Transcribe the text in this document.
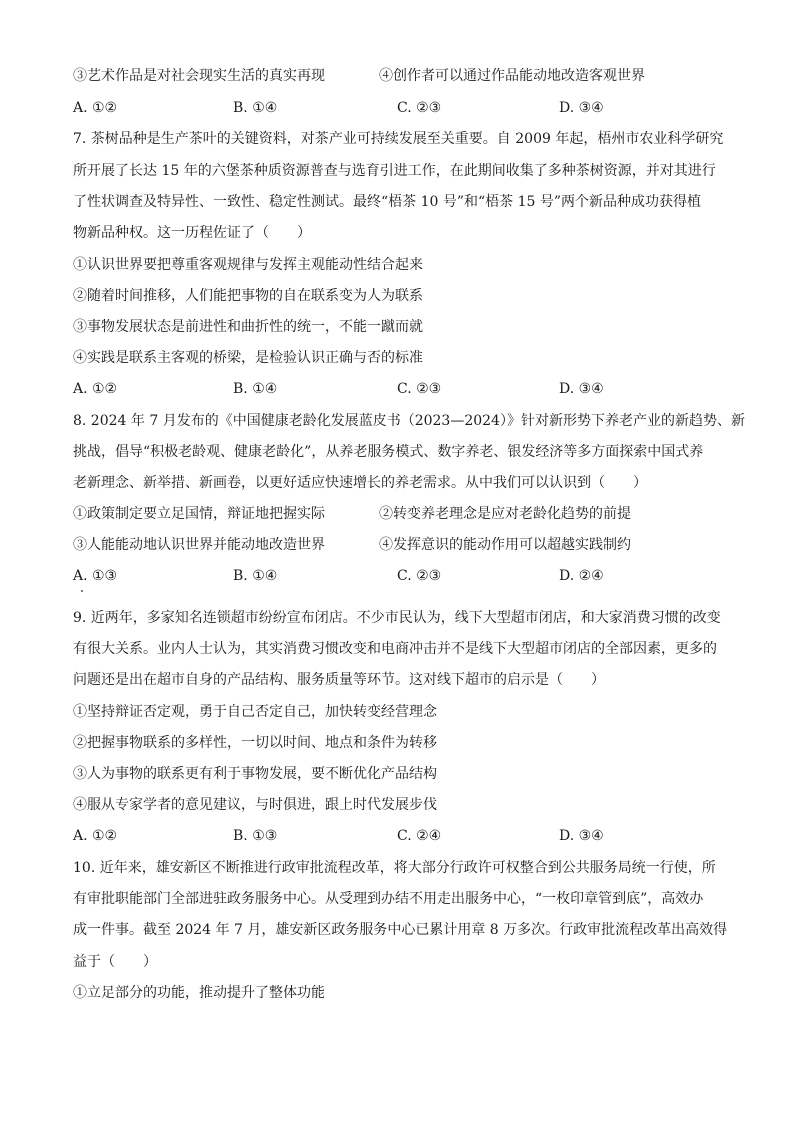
③艺术作品是对社会现实生活的真实再现	④创作者可以通过作品能动地改造客观世界
A. ①②	B. ①④	C. ②③	D. ③④
7. 茶树品种是生产茶叶的关键资料，对茶产业可持续发展至关重要。自 2009 年起，梧州市农业科学研究
所开展了长达 15 年的六堡茶种质资源普查与选育引进工作，在此期间收集了多种茶树资源，并对其进行
了性状调查及特异性、一致性、稳定性测试。最终“梧茶 10 号”和“梧茶 15 号”两个新品种成功获得植
物新品种权。这一历程佐证了（　　）
①认识世界要把尊重客观规律与发挥主观能动性结合起来
②随着时间推移，人们能把事物的自在联系变为人为联系
③事物发展状态是前进性和曲折性的统一，不能一蹴而就
④实践是联系主客观的桥梁，是检验认识正确与否的标准
A. ①②	B. ①④	C. ②③	D. ③④
8. 2024 年 7 月发布的《中国健康老龄化发展蓝皮书（2023—2024）》针对新形势下养老产业的新趋势、新
挑战，倡导“积极老龄观、健康老龄化”，从养老服务模式、数字养老、银发经济等多方面探索中国式养
老新理念、新举措、新画卷，以更好适应快速增长的养老需求。从中我们可以认识到（　　）
①政策制定要立足国情，辩证地把握实际	②转变养老理念是应对老龄化趋势的前提
③人能能动地认识世界并能动地改造世界	④发挥意识的能动作用可以超越实践制约
A. ①③	B. ①④	C. ②③	D. ②④
9. 近两年，多家知名连锁超市纷纷宣布闭店。不少市民认为，线下大型超市闭店，和大家消费习惯的改变
有很大关系。业内人士认为，其实消费习惯改变和电商冲击并不是线下大型超市闭店的全部因素，更多的
问题还是出在超市自身的产品结构、服务质量等环节。这对线下超市的启示是（　　）
①坚持辩证否定观，勇于自己否定自己，加快转变经营理念
②把握事物联系的多样性，一切以时间、地点和条件为转移
③人为事物的联系更有利于事物发展，要不断优化产品结构
④服从专家学者的意见建议，与时俱进，跟上时代发展步伐
A. ①②	B. ①③	C. ②④	D. ③④
10. 近年来，雄安新区不断推进行政审批流程改革，将大部分行政许可权整合到公共服务局统一行使，所
有审批职能部门全部进驻政务服务中心。从受理到办结不用走出服务中心，“一枚印章管到底”，高效办
成一件事。截至 2024 年 7 月，雄安新区政务服务中心已累计用章 8 万多次。行政审批流程改革出高效得
益于（　　）
①立足部分的功能，推动提升了整体功能
